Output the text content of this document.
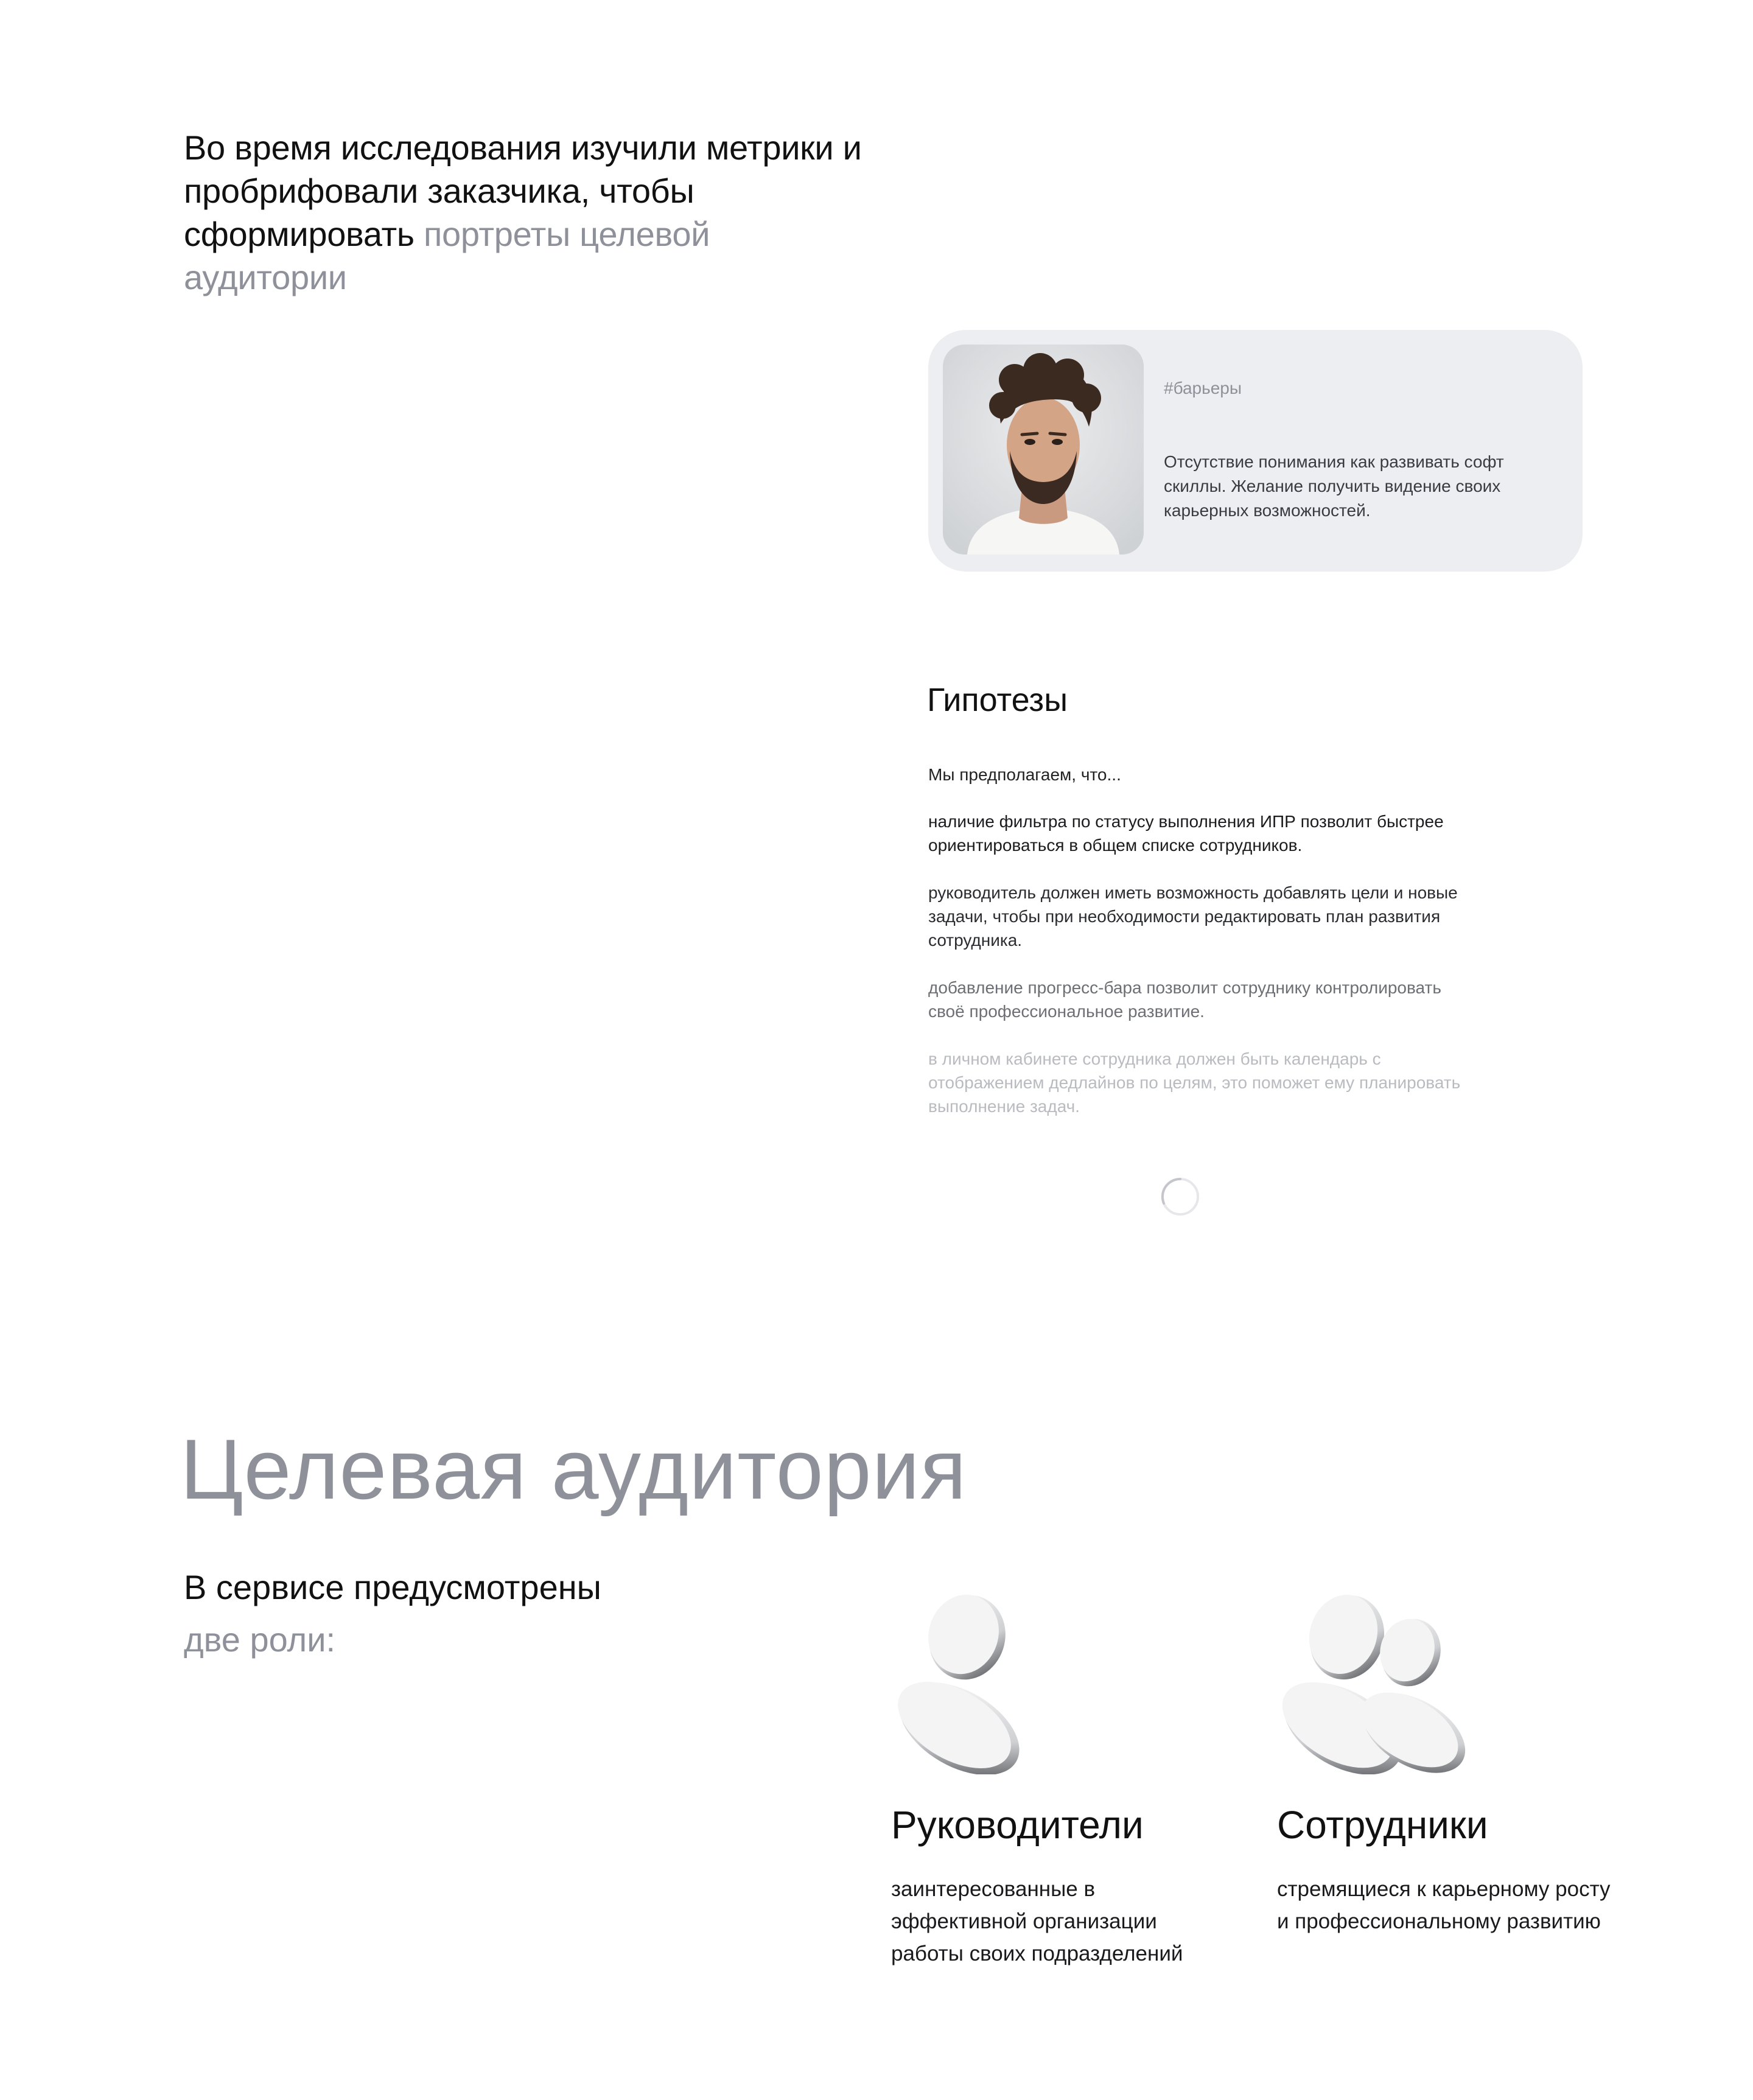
Во время исследования изучили метрики и пробрифовали заказчика, чтобы сформировать портреты целевой аудитории

#барьеры

Отсутствие понимания как развивать софт скиллы. Желание получить видение своих карьерных возможностей.

Гипотезы
Мы предполагаем, что...
наличие фильтра по статусу выполнения ИПР позволит быстрее ориентироваться в общем списке сотрудников.
руководитель должен иметь возможность добавлять цели и новые задачи, чтобы при необходимости редактировать план развития сотрудника.
добавление прогресс-бара позволит сотруднику контролировать своё профессиональное развитие.
в личном кабинете сотрудника должен быть календарь с отображением дедлайнов по целям, это поможет ему планировать выполнение задач.
Целевая аудитория

В сервисе предусмотрены
две роли:

Руководители

заинтересованные в эффективной организации работы своих подразделений

Сотрудники

стремящиеся к карьерному росту и профессиональному развитию
